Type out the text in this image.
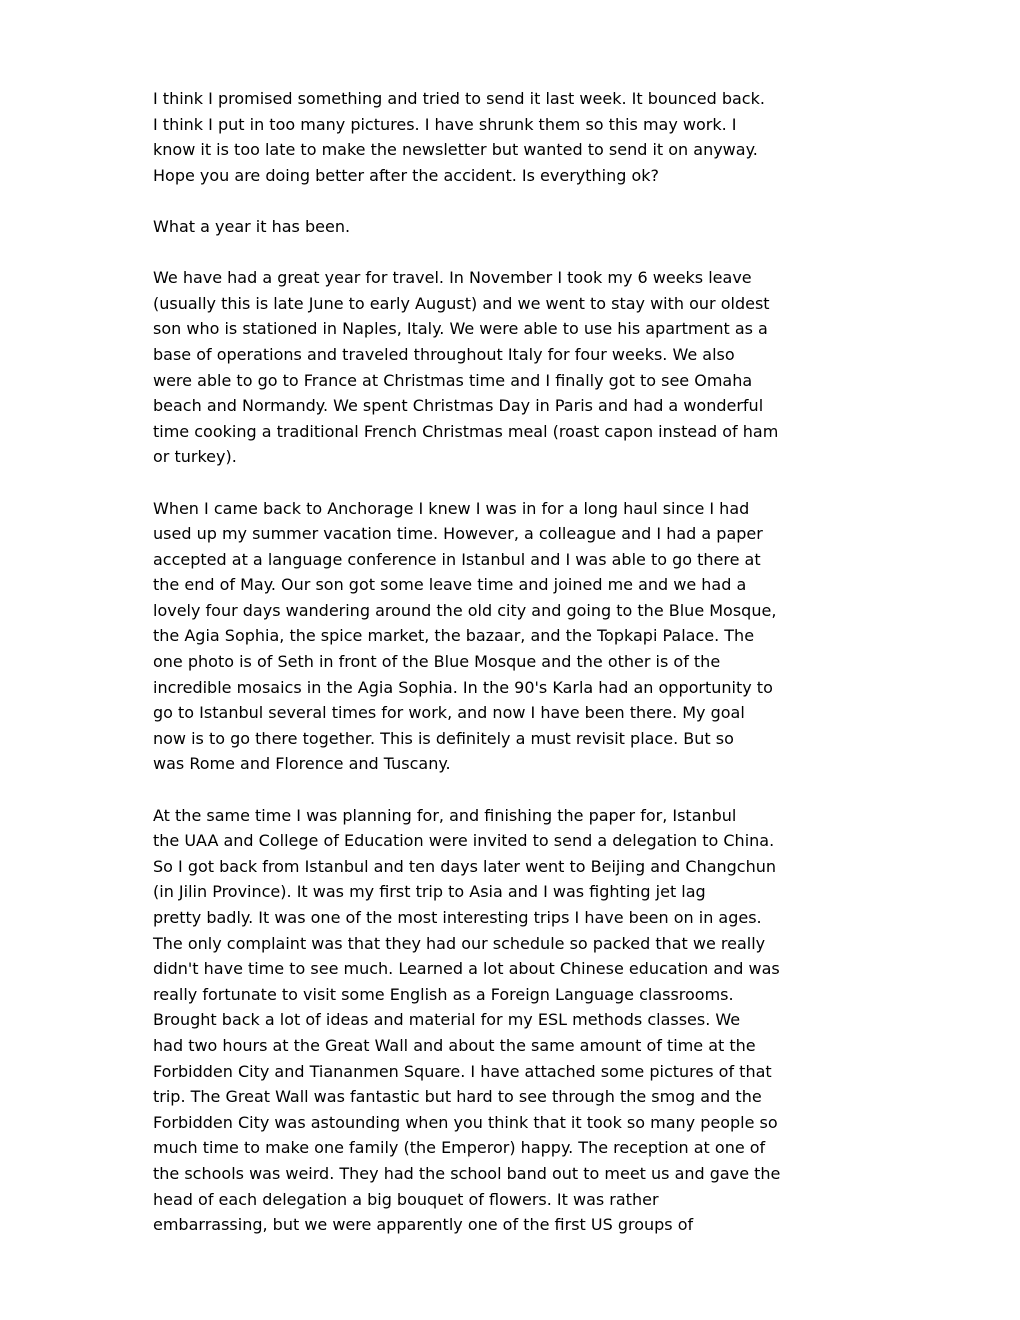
I think I promised something and tried to send it last week. It bounced back.
I think I put in too many pictures. I have shrunk them so this may work. I
know it is too late to make the newsletter but wanted to send it on anyway.
Hope you are doing better after the accident. Is everything ok?
What a year it has been.
We have had a great year for travel. In November I took my 6 weeks leave
(usually this is late June to early August) and we went to stay with our oldest
son who is stationed in Naples, Italy. We were able to use his apartment as a
base of operations and traveled throughout Italy for four weeks. We also
were able to go to France at Christmas time and I finally got to see Omaha
beach and Normandy. We spent Christmas Day in Paris and had a wonderful
time cooking a traditional French Christmas meal (roast capon instead of ham
or turkey).
When I came back to Anchorage I knew I was in for a long haul since I had
used up my summer vacation time. However, a colleague and I had a paper
accepted at a language conference in Istanbul and I was able to go there at
the end of May. Our son got some leave time and joined me and we had a
lovely four days wandering around the old city and going to the Blue Mosque,
the Agia Sophia, the spice market, the bazaar, and the Topkapi Palace. The
one photo is of Seth in front of the Blue Mosque and the other is of the
incredible mosaics in the Agia Sophia. In the 90's Karla had an opportunity to
go to Istanbul several times for work, and now I have been there. My goal
now is to go there together. This is definitely a must revisit place. But so
was Rome and Florence and Tuscany.
At the same time I was planning for, and finishing the paper for, Istanbul
the UAA and College of Education were invited to send a delegation to China.
So I got back from Istanbul and ten days later went to Beijing and Changchun
(in Jilin Province). It was my first trip to Asia and I was fighting jet lag
pretty badly. It was one of the most interesting trips I have been on in ages.
The only complaint was that they had our schedule so packed that we really
didn't have time to see much. Learned a lot about Chinese education and was
really fortunate to visit some English as a Foreign Language classrooms.
Brought back a lot of ideas and material for my ESL methods classes. We
had two hours at the Great Wall and about the same amount of time at the
Forbidden City and Tiananmen Square. I have attached some pictures of that
trip. The Great Wall was fantastic but hard to see through the smog and the
Forbidden City was astounding when you think that it took so many people so
much time to make one family (the Emperor) happy. The reception at one of
the schools was weird. They had the school band out to meet us and gave the
head of each delegation a big bouquet of flowers. It was rather
embarrassing, but we were apparently one of the first US groups of
